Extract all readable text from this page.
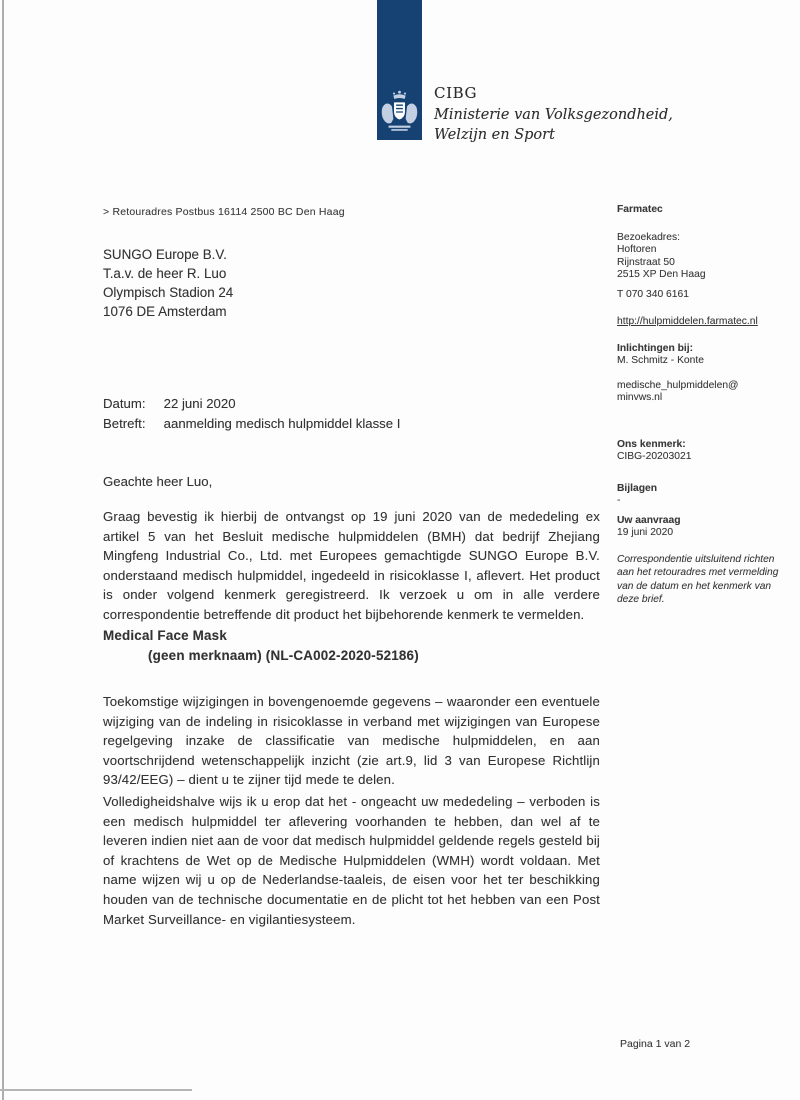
CIBG
Ministerie van Volksgezondheid,
Welzijn en Sport
> Retouradres Postbus 16114 2500 BC Den Haag
SUNGO Europe B.V.
T.a.v. de heer R. Luo
Olympisch Stadion 24
1076 DE Amsterdam
Datum: 22 juni 2020
Betreft: aanmelding medisch hulpmiddel klasse I
Farmatec
Bezoekadres:
Hoftoren
Rijnstraat 50
2515 XP Den Haag
T 070 340 6161
http://hulpmiddelen.farmatec.nl
Inlichtingen bij:
M. Schmitz - Konte
medische_hulpmiddelen@
minvws.nl
Ons kenmerk:
CIBG-20203021
Bijlagen
-
Uw aanvraag
19 juni 2020
Correspondentie uitsluitend richten aan het retouradres met vermelding van de datum en het kenmerk van deze brief.
Geachte heer Luo,
Graag bevestig ik hierbij de ontvangst op 19 juni 2020 van de mededeling ex artikel 5 van het Besluit medische hulpmiddelen (BMH) dat bedrijf Zhejiang Mingfeng Industrial Co., Ltd. met Europees gemachtigde SUNGO Europe B.V. onderstaand medisch hulpmiddel, ingedeeld in risicoklasse I, aflevert. Het product is onder volgend kenmerk geregistreerd. Ik verzoek u om in alle verdere correspondentie betreffende dit product het bijbehorende kenmerk te vermelden.
Medical Face Mask
(geen merknaam) (NL-CA002-2020-52186)
Toekomstige wijzigingen in bovengenoemde gegevens – waaronder een eventuele wijziging van de indeling in risicoklasse in verband met wijzigingen van Europese regelgeving inzake de classificatie van medische hulpmiddelen, en aan voortschrijdend wetenschappelijk inzicht (zie art.9, lid 3 van Europese Richtlijn 93/42/EEG) – dient u te zijner tijd mede te delen.
Volledigheidshalve wijs ik u erop dat het - ongeacht uw mededeling – verboden is een medisch hulpmiddel ter aflevering voorhanden te hebben, dan wel af te leveren indien niet aan de voor dat medisch hulpmiddel geldende regels gesteld bij of krachtens de Wet op de Medische Hulpmiddelen (WMH) wordt voldaan. Met name wijzen wij u op de Nederlandse-taaleis, de eisen voor het ter beschikking houden van de technische documentatie en de plicht tot het hebben van een Post Market Surveillance- en vigilantiesysteem.
Pagina 1 van 2
